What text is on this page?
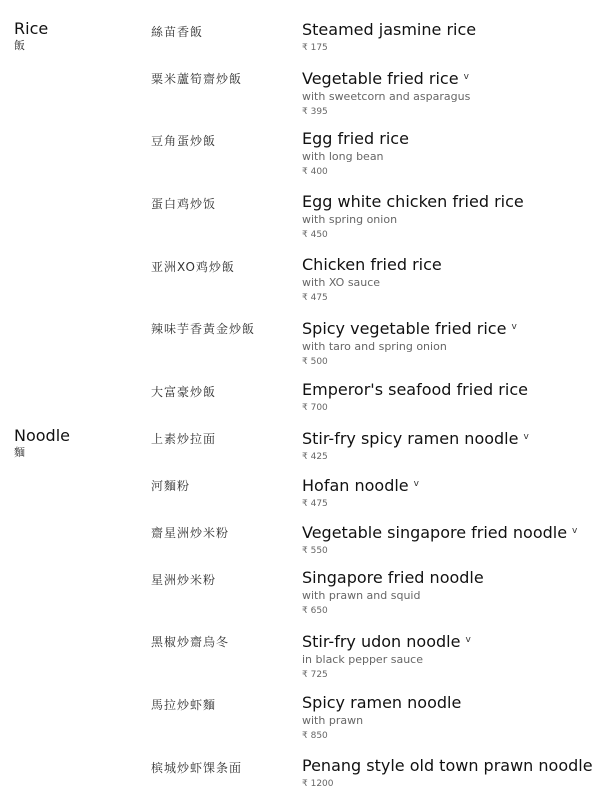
Rice
飯
絲苗香飯	Steamed jasmine rice
₹ 175
粟米蘆筍齋炒飯	Vegetable fried rice $^v$
with sweetcorn and asparagus
₹ 395
豆角蛋炒飯	Egg fried rice
with long bean
₹ 400
蛋白鸡炒饭	Egg white chicken fried rice
with spring onion
₹ 450
亚洲XO鸡炒飯	Chicken fried rice
with XO sauce
₹ 475
辣味芋香黃金炒飯	Spicy vegetable fried rice $^v$
with taro and spring onion
₹ 500
大富豪炒飯	Emperor's seafood fried rice
₹ 700
Noodle
麵
上素炒拉面	Stir-fry spicy ramen noodle $^v$
₹ 425
河麵粉	Hofan noodle $^v$
₹ 475
齋星洲炒米粉	Vegetable singapore fried noodle $^v$
₹ 550
星洲炒米粉	Singapore fried noodle
with prawn and squid
₹ 650
黑椒炒齋烏冬	Stir-fry udon noodle $^v$
in black pepper sauce
₹ 725
馬拉炒虾麵	Spicy ramen noodle
with prawn
₹ 850
槟城炒虾馃条面	Penang style old town prawn noodle
₹ 1200
